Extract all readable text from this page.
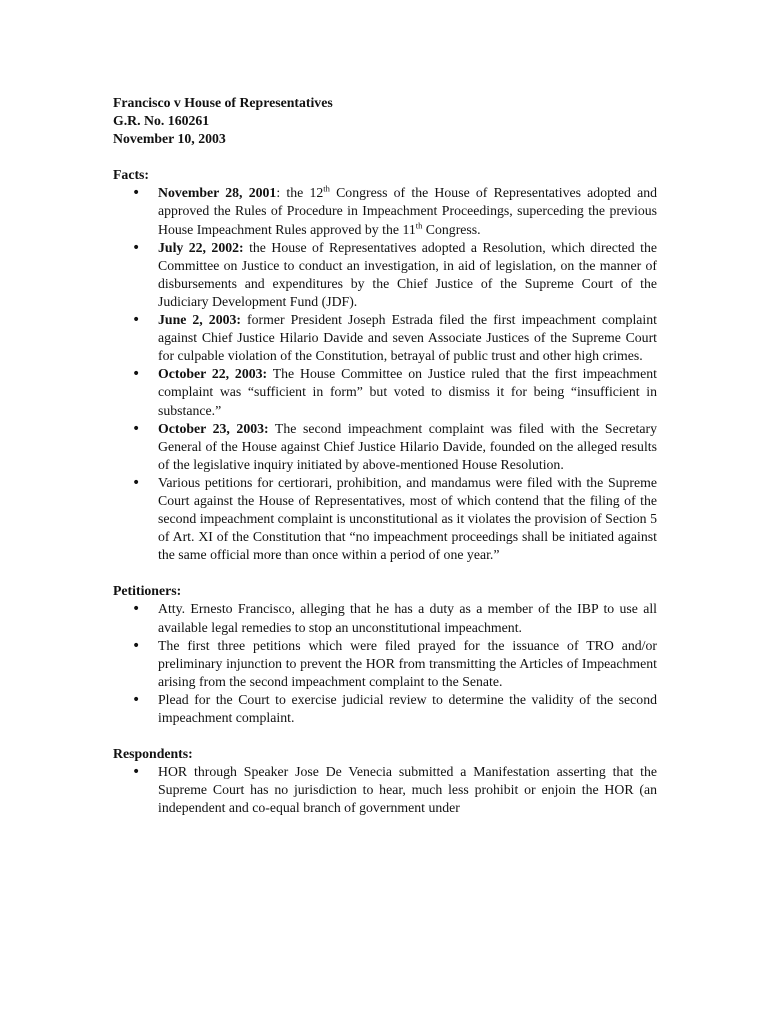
Francisco v House of Representatives

G.R. No. 160261

November 10, 2003

Facts:

• November 28, 2001: the 12th Congress of the House of Representatives adopted and approved the Rules of Procedure in Impeachment Proceedings, superceding the previous House Impeachment Rules approved by the 11th Congress.
• July 22, 2002: the House of Representatives adopted a Resolution, which directed the Committee on Justice to conduct an investigation, in aid of legislation, on the manner of disbursements and expenditures by the Chief Justice of the Supreme Court of the Judiciary Development Fund (JDF).
• June 2, 2003: former President Joseph Estrada filed the first impeachment complaint against Chief Justice Hilario Davide and seven Associate Justices of the Supreme Court for culpable violation of the Constitution, betrayal of public trust and other high crimes.
• October 22, 2003: The House Committee on Justice ruled that the first impeachment complaint was “sufficient in form” but voted to dismiss it for being “insufficient in substance.”
• October 23, 2003: The second impeachment complaint was filed with the Secretary General of the House against Chief Justice Hilario Davide, founded on the alleged results of the legislative inquiry initiated by above-mentioned House Resolution.
• Various petitions for certiorari, prohibition, and mandamus were filed with the Supreme Court against the House of Representatives, most of which contend that the filing of the second impeachment complaint is unconstitutional as it violates the provision of Section 5 of Art. XI of the Constitution that “no impeachment proceedings shall be initiated against the same official more than once within a period of one year.”

Petitioners:

• Atty. Ernesto Francisco, alleging that he has a duty as a member of the IBP to use all available legal remedies to stop an unconstitutional impeachment.
• The first three petitions which were filed prayed for the issuance of TRO and/or preliminary injunction to prevent the HOR from transmitting the Articles of Impeachment arising from the second impeachment complaint to the Senate.
• Plead for the Court to exercise judicial review to determine the validity of the second impeachment complaint.

Respondents:

• HOR through Speaker Jose De Venecia submitted a Manifestation asserting that the Supreme Court has no jurisdiction to hear, much less prohibit or enjoin the HOR (an independent and co-equal branch of government under
